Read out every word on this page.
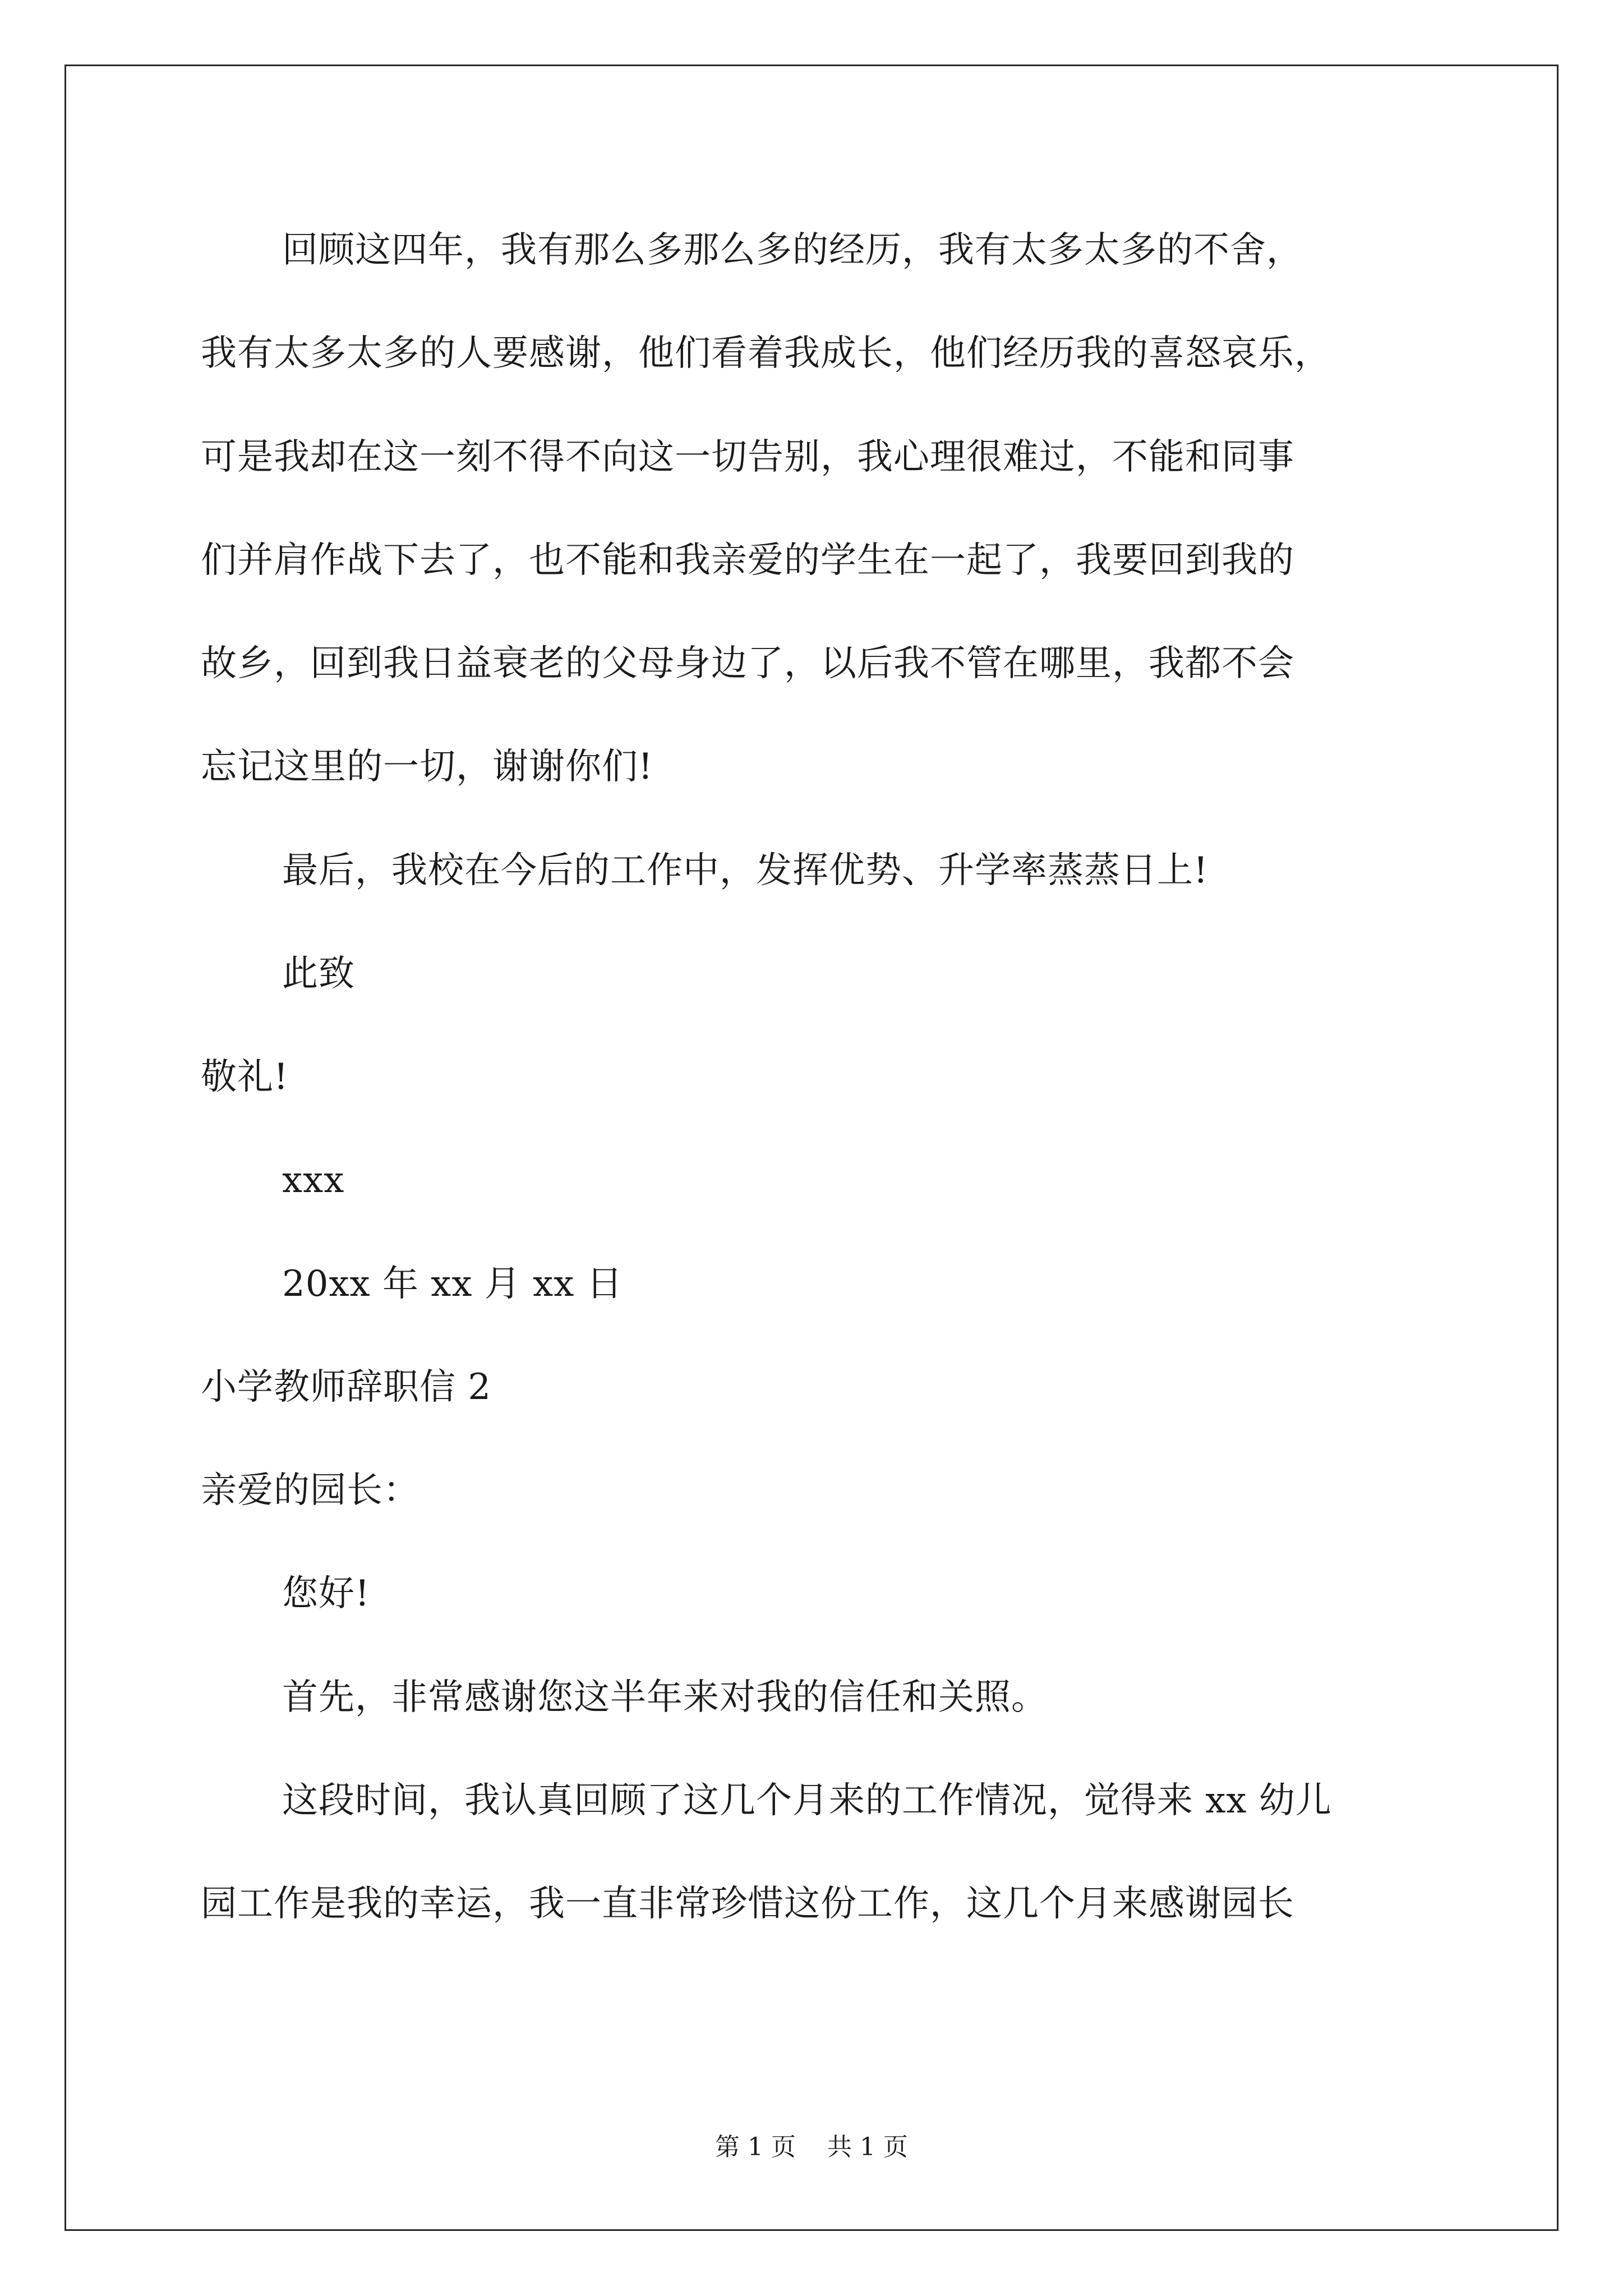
回顾这四年，我有那么多那么多的经历，我有太多太多的不舍，
我有太多太多的人要感谢，他们看着我成长，他们经历我的喜怒哀乐，
可是我却在这一刻不得不向这一切告别，我心理很难过，不能和同事
们并肩作战下去了，也不能和我亲爱的学生在一起了，我要回到我的
故乡，回到我日益衰老的父母身边了，以后我不管在哪里，我都不会
忘记这里的一切，谢谢你们!
最后，我校在今后的工作中，发挥优势、升学率蒸蒸日上!
此致
敬礼!
xxx
20xx 年 xx 月 xx 日
小学教师辞职信 2
亲爱的园长：
您好!
首先，非常感谢您这半年来对我的信任和关照。
这段时间，我认真回顾了这几个月来的工作情况，觉得来 xx 幼儿
园工作是我的幸运，我一直非常珍惜这份工作，这几个月来感谢园长
第 1 页    共 1 页
